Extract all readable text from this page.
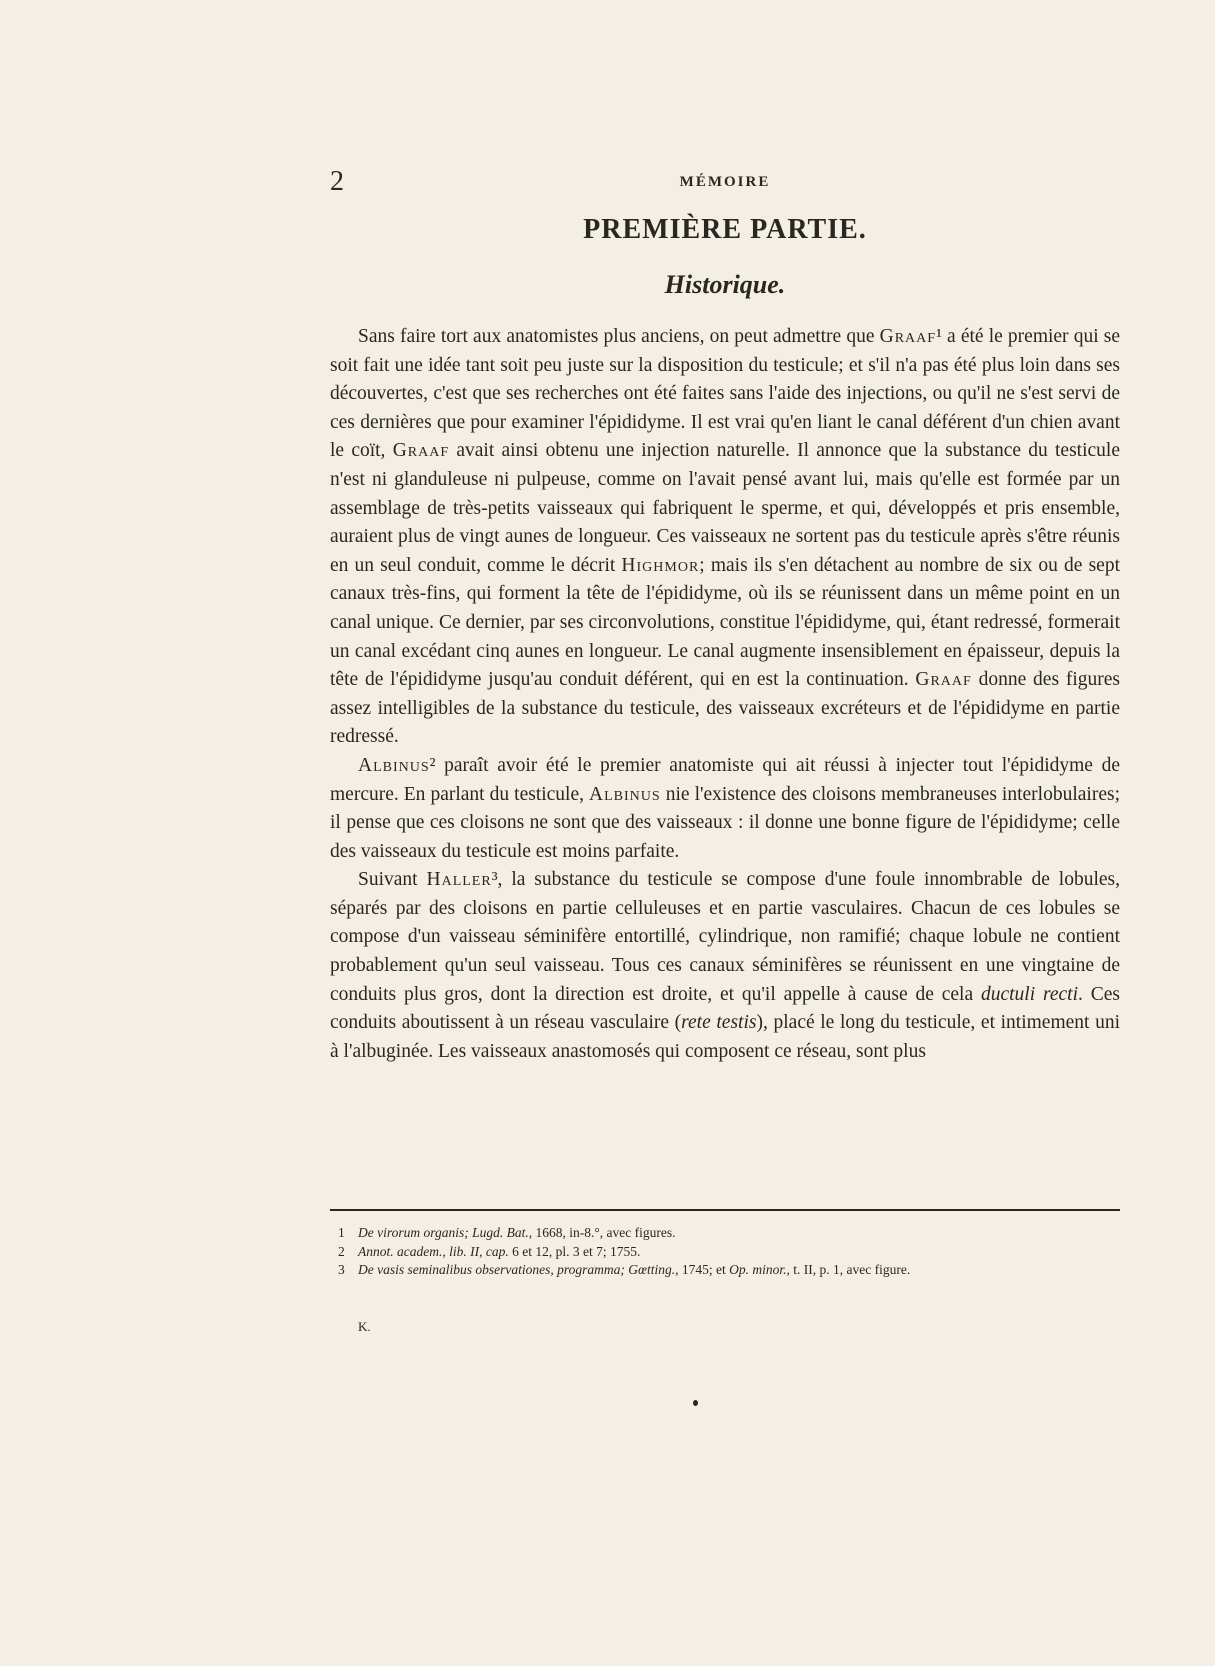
2	MÉMOIRE
PREMIÈRE PARTIE.
Historique.

Sans faire tort aux anatomistes plus anciens, on peut admettre que Graaf¹ a été le premier qui se soit fait une idée tant soit peu juste sur la disposition du testicule; et s'il n'a pas été plus loin dans ses découvertes, c'est que ses recherches ont été faites sans l'aide des injections, ou qu'il ne s'est servi de ces dernières que pour examiner l'épididyme. Il est vrai qu'en liant le canal déférent d'un chien avant le coït, Graaf avait ainsi obtenu une injection naturelle. Il annonce que la substance du testicule n'est ni glanduleuse ni pulpeuse, comme on l'avait pensé avant lui, mais qu'elle est formée par un assemblage de très-petits vaisseaux qui fabriquent le sperme, et qui, développés et pris ensemble, auraient plus de vingt aunes de longueur. Ces vaisseaux ne sortent pas du testicule après s'être réunis en un seul conduit, comme le décrit Highmor; mais ils s'en détachent au nombre de six ou de sept canaux très-fins, qui forment la tête de l'épididyme, où ils se réunissent dans un même point en un canal unique. Ce dernier, par ses circonvolutions, constitue l'épididyme, qui, étant redressé, formerait un canal excédant cinq aunes en longueur. Le canal augmente insensiblement en épaisseur, depuis la tête de l'épididyme jusqu'au conduit déférent, qui en est la continuation. Graaf donne des figures assez intelligibles de la substance du testicule, des vaisseaux excréteurs et de l'épididyme en partie redressé.

Albinus² paraît avoir été le premier anatomiste qui ait réussi à injecter tout l'épididyme de mercure. En parlant du testicule, Albinus nie l'existence des cloisons membraneuses interlobulaires; il pense que ces cloisons ne sont que des vaisseaux : il donne une bonne figure de l'épididyme; celle des vaisseaux du testicule est moins parfaite.

Suivant Haller³, la substance du testicule se compose d'une foule innombrable de lobules, séparés par des cloisons en partie celluleuses et en partie vasculaires. Chacun de ces lobules se compose d'un vaisseau séminifère entortillé, cylindrique, non ramifié; chaque lobule ne contient probablement qu'un seul vaisseau. Tous ces canaux séminifères se réunissent en une vingtaine de conduits plus gros, dont la direction est droite, et qu'il appelle à cause de cela ductuli recti. Ces conduits aboutissent à un réseau vasculaire (rete testis), placé le long du testicule, et intimement uni à l'albuginée. Les vaisseaux anastomosés qui composent ce réseau, sont plus

1 De virorum organis; Lugd. Bat., 1668, in-8.°, avec figures.
2 Annot. academ., lib. II, cap. 6 et 12, pl. 3 et 7; 1755.
3 De vasis seminalibus observationes, programma; Gœtting., 1745; et Op. minor., t. II, p. 1, avec figure.
K.
